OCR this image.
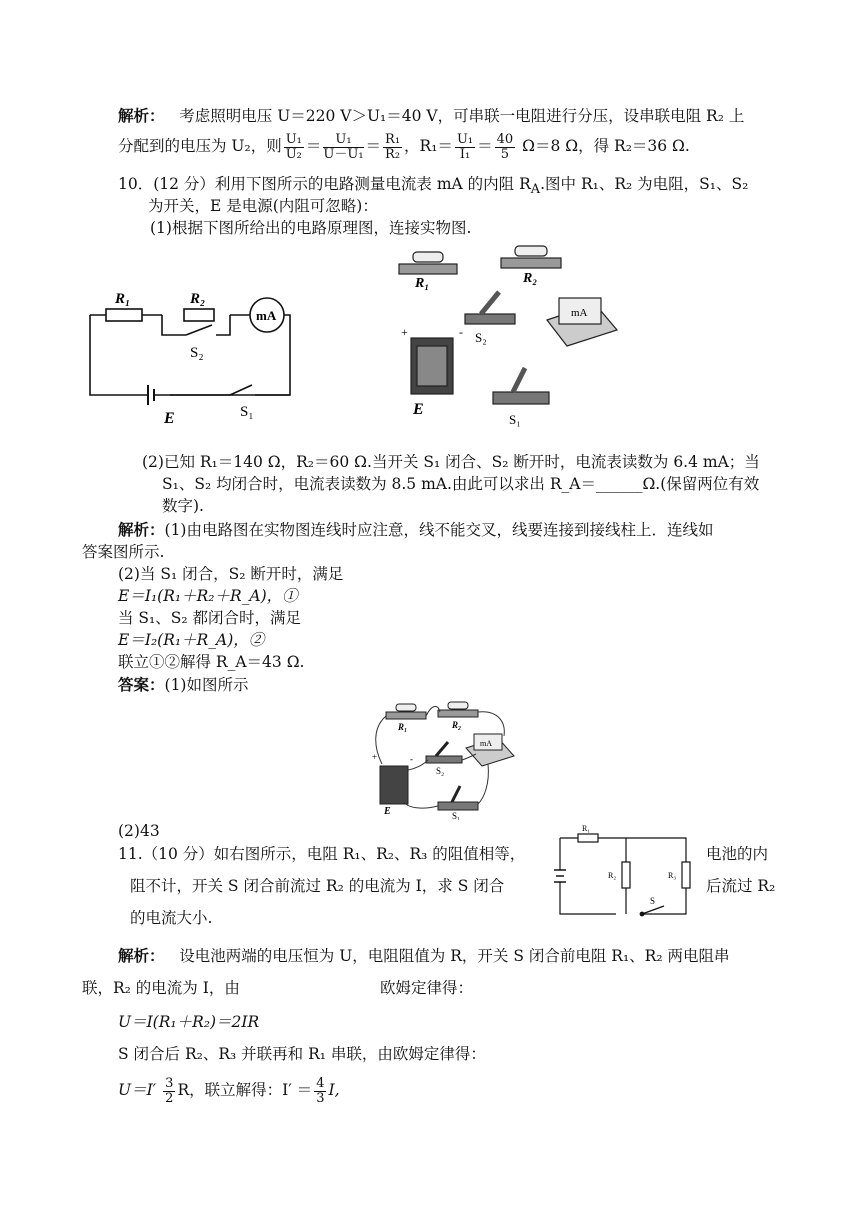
解析： 考虑照明电压 U＝220 V＞U₁＝40 V，可串联一电阻进行分压，设串联电阻 R₂ 上
分配到的电压为 U₂，则 $\frac{\text{U₁}}{\text{U₂}} = \frac{\text{U₁}}{\text{U－U₁}} = \frac{\text{R₁}}{\text{R₂}}$ ，$R_1= \frac{\text{U₁}}{\text{I₁}} = \frac{40}{5} \Omega=8$ Ω，得 R₂＝36 Ω.
10．(12 分）利用下图所示的电路测量电流表 mA 的内阻 $R_A$.图中 R₁、R₂ 为电阻，S₁、S₂
为开关，E 是电源(内阻可忽略)：
(1)根据下图所给出的电路原理图，连接实物图.
R₁	R₂
mA
S₂
E	S₁
R₁	R₂
S₂
mA
E
S₁
+	-
(2)已知 R₁＝140 Ω，R₂＝60 Ω.当开关 S₁ 闭合、S₂ 断开时，电流表读数为 6.4 mA；当
S₁、S₂ 均闭合时，电流表读数为 8.5 mA.由此可以求出 R_A＝______Ω.(保留两位有效
数字).
解析：(1)由电路图在实物图连线时应注意，线不能交叉，线要连接到接线柱上．连线如
答案图所示.
(2)当 S₁ 闭合，S₂ 断开时，满足
E＝I₁(R₁＋R₂＋R_A)，①
当 S₁、S₂ 都闭合时，满足
E＝I₂(R₁＋R_A)，②
联立①②解得 R_A＝43 Ω.
答案：(1)如图所示
R₁	R₂
S₂
mA
E	S₁
+	-
(2)43
11.（10 分）如右图所示，电阻 R₁、R₂、R₃ 的阻值相等，	电池的内
阻不计，开关 S 闭合前流过 R₂ 的电流为 I，求 S 闭合	后流过 R₂
的电流大小.
R₁
R₂	R₃
S
解析： 设电池两端的电压恒为 U，电阻阻值为 R，开关 S 闭合前电阻 R₁、R₂ 两电阻串
联，R₂ 的电流为 I，由	欧姆定律得：
U＝I(R₁＋R₂)＝2IR
S 闭合后 R₂、R₃ 并联再和 R₁ 串联，由欧姆定律得：
$U=I' \frac{3}{2}$ R，联立解得：$I' = \frac{4}{3} I$,
